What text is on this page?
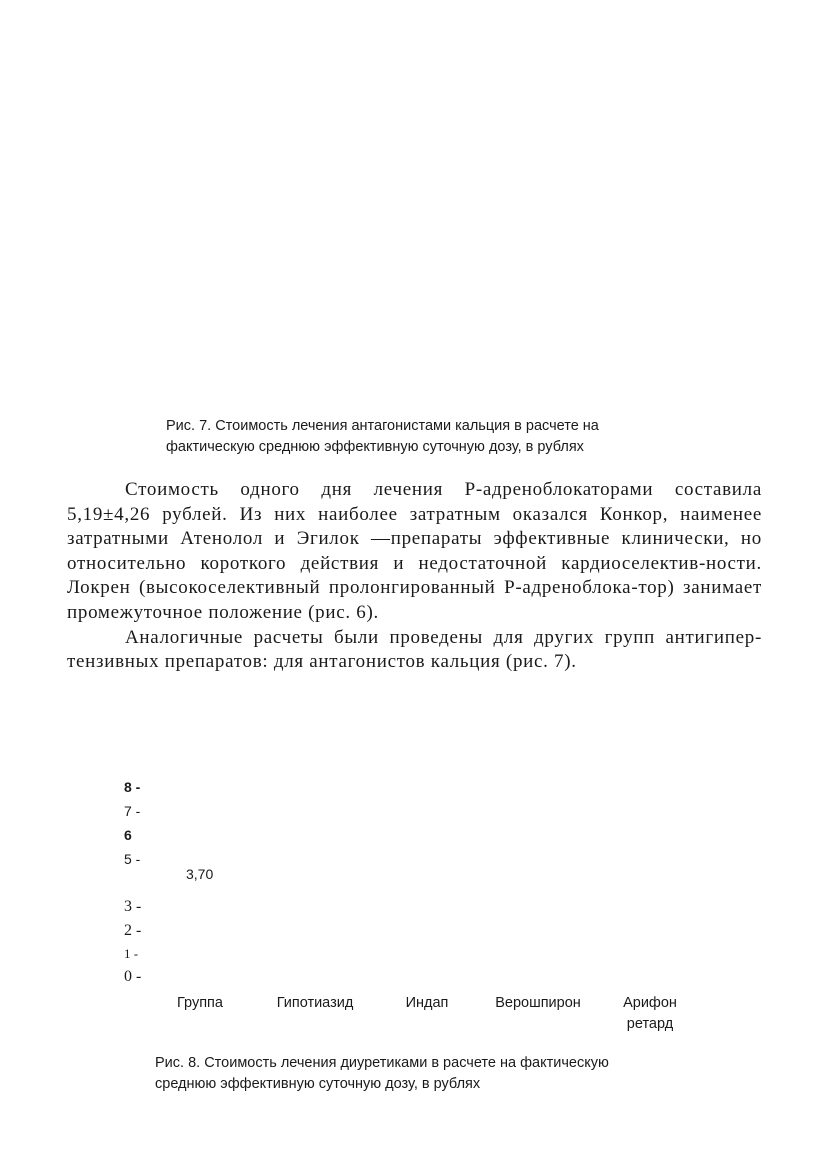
Рис. 7. Стоимость лечения антагонистами кальция в расчете на
фактическую среднюю эффективную суточную дозу, в рублях

Стоимость одного дня лечения Р-адреноблокаторами составила 5,19±4,26 рублей. Из них наиболее затратным оказался Конкор, наименее затратными Атенолол и Эгилок —препараты эффективные клинически, но относительно короткого действия и недостаточной кардиоселектив-ности. Локрен (высокоселективный пролонгированный Р-адреноблока-тор) занимает промежуточное положение (рис. 6).

Аналогичные расчеты были проведены для других групп антигипер-тензивных препаратов: для антагонистов кальция (рис. 7).

8 -
7 -
6
5 -
3 -
2 -
1 -
0 -
3,70
Группа	Гипотиазид	Индап	Верошпирон	Арифон
ретард
Рис. 8. Стоимость лечения диуретиками в расчете на фактическую
среднюю эффективную суточную дозу, в рублях
